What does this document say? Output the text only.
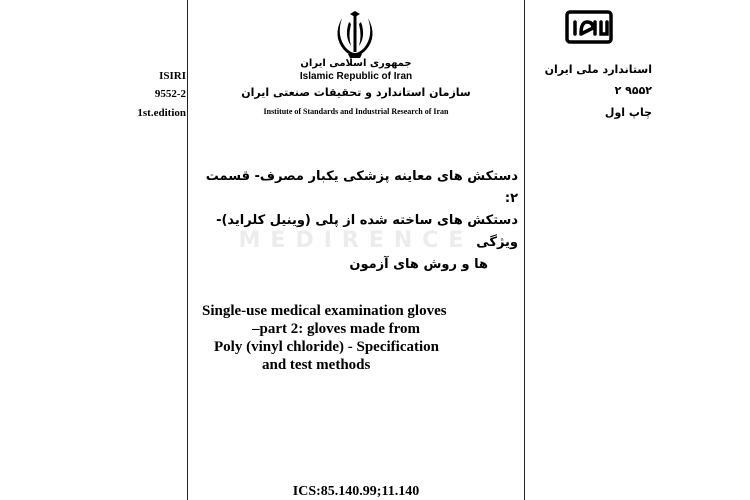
MEDIRENCE
ISIRI
9552-2
1st.edition
جمهوری اسلامی ایران
Islamic Republic of Iran
سازمان استاندارد و تحقیقات صنعتی ایران
Institute of Standards and Industrial Research of Iran
استاندارد ملی ایران
۹۵۵۲ ۲
چاپ اول
دستکش های معاینه پزشکی یکبار مصرف- قسمت ۲:
دستکش های ساخته شده از پلی (وینیل کلراید)- ویژگی
ها و روش های آزمون
Single-use medical examination gloves
–part 2: gloves made from
Poly (vinyl chloride) - Specification
and test methods
ICS:85.140.99;11.140
